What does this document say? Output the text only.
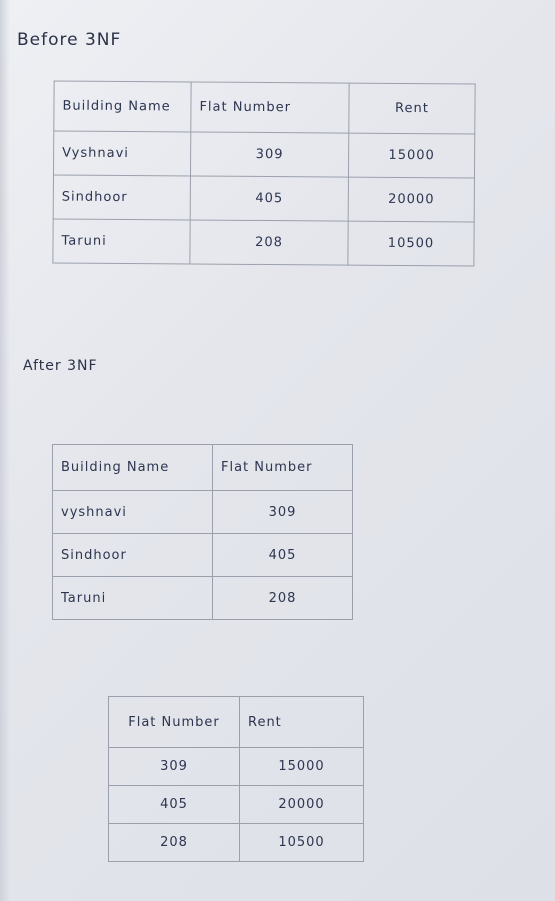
Before 3NF
Building Name	Flat Number	Rent
Vyshnavi	309	15000
Sindhoor	405	20000
Taruni	208	10500
After 3NF
Building Name	Flat Number
vyshnavi	309
Sindhoor	405
Taruni	208
Flat Number	Rent
309	15000
405	20000
208	10500
